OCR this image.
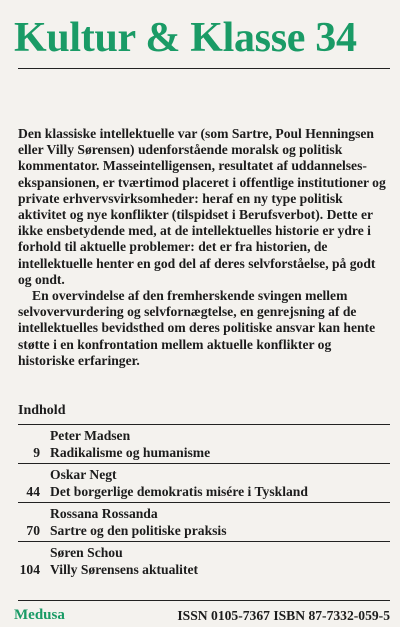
Kultur & Klasse 34

Den klassiske intellektuelle var (som Sartre, Poul Henningsen eller Villy Sørensen) udenforstående moralsk og politisk kommentator. Masseintelligensen, resultatet af uddannelses-ekspansionen, er tværtimod placeret i offentlige institutioner og private erhvervsvirksomheder: heraf en ny type politisk aktivitet og nye konflikter (tilspidset i Berufsverbot). Dette er ikke ensbetydende med, at de intellektuelles historie er ydre i forhold til aktuelle problemer: det er fra historien, de intellektuelle henter en god del af deres selvforståelse, på godt og ondt.

En overvindelse af den fremherskende svingen mellem selvovervurdering og selvfornægtelse, en genrejsning af de intellektuelles bevidsthed om deres politiske ansvar kan hente støtte i en konfrontation mellem aktuelle konflikter og historiske erfaringer.

Indhold
Peter Madsen
9 Radikalisme og humanisme
Oskar Negt
44 Det borgerlige demokratis misére i Tyskland
Rossana Rossanda
70 Sartre og den politiske praksis
Søren Schou
104 Villy Sørensens aktualitet
Medusa	ISSN 0105-7367 ISBN 87-7332-059-5
